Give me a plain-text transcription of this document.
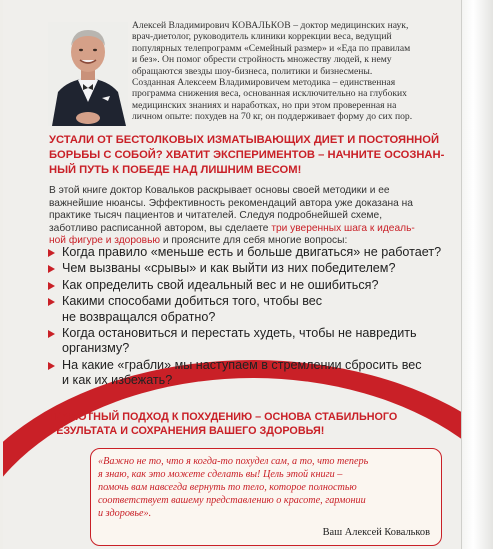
Алексей Владимирович КОВАЛЬКОВ – доктор медицинских наук,
врач-диетолог, руководитель клиники коррекции веса, ведущий
популярных телепрограмм «Семейный размер» и «Еда по правилам
и без». Он помог обрести стройность множеству людей, к нему
обращаются звезды шоу-бизнеса, политики и бизнесмены.
Созданная Алексеем Владимировичем методика – единственная
программа снижения веса, основанная исключительно на глубоких
медицинских знаниях и наработках, но при этом проверенная на
личном опыте: похудев на 70 кг, он поддерживает форму до сих пор.
УСТАЛИ ОТ БЕСТОЛКОВЫХ ИЗМАТЫВАЮЩИХ ДИЕТ И ПОСТОЯННОЙ
БОРЬБЫ С СОБОЙ? ХВАТИТ ЭКСПЕРИМЕНТОВ – НАЧНИТЕ ОСОЗНАН-
НЫЙ ПУТЬ К ПОБЕДЕ НАД ЛИШНИМ ВЕСОМ!
В этой книге доктор Ковальков раскрывает основы своей методики и ее
важнейшие нюансы. Эффективность рекомендаций автора уже доказана на
практике тысяч пациентов и читателей. Следуя подробнейшей схеме,
заботливо расписанной автором, вы сделаете три уверенных шага к идеаль-
ной фигуре и здоровью и проясните для себя многие вопросы:
Когда правило «меньше есть и больше двигаться» не работает?
Чем вызваны «срывы» и как выйти из них победителем?
Как определить свой идеальный вес и не ошибиться?
Какими способами добиться того, чтобы вес
не возвращался обратно?
Когда остановиться и перестать худеть, чтобы не навредить
организму?
На какие «грабли» мы наступаем в стремлении сбросить вес
и как их избежать?
ГРАМОТНЫЙ ПОДХОД К ПОХУДЕНИЮ – ОСНОВА СТАБИЛЬНОГО
РЕЗУЛЬТАТА И СОХРАНЕНИЯ ВАШЕГО ЗДОРОВЬЯ!
«Важно не то, что я когда-то похудел сам, а то, что теперь
я знаю, как это можете сделать вы! Цель этой книги –
помочь вам навсегда вернуть то тело, которое полностью
соответствует вашему представлению о красоте, гармонии
и здоровье».
Ваш Алексей Ковальков
